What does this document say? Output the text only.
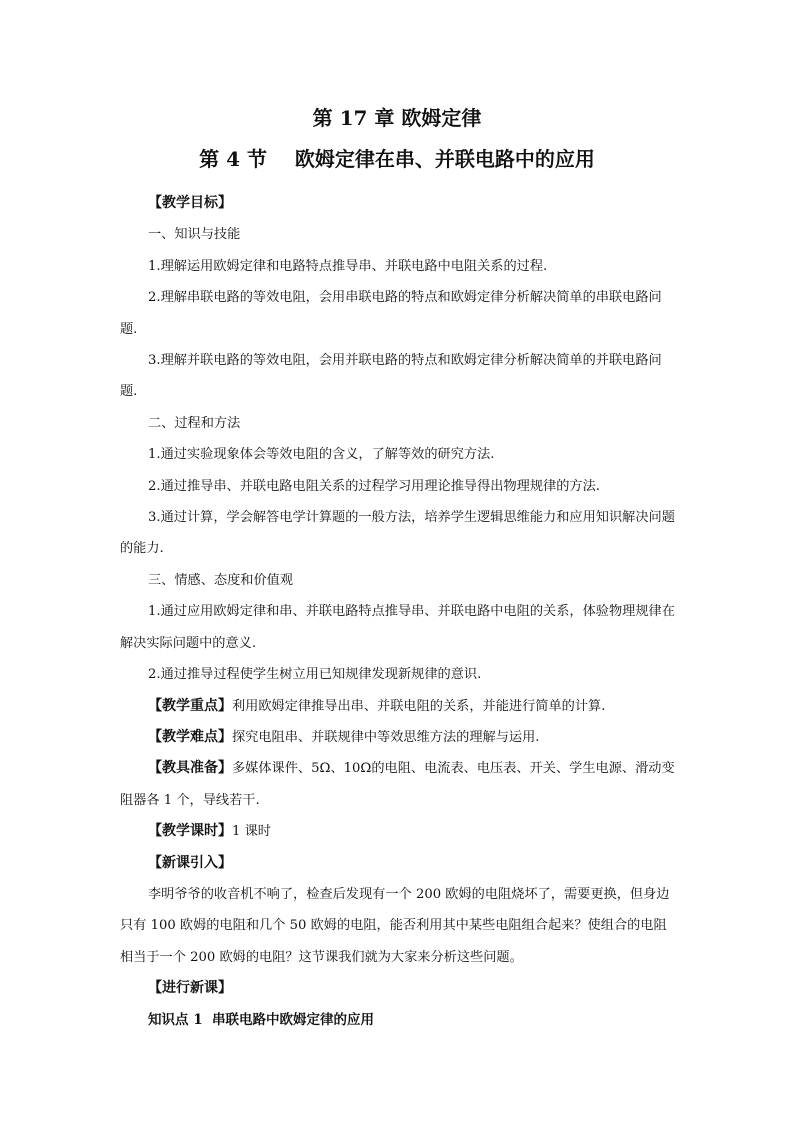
第 17 章 欧姆定律
第 4 节    欧姆定律在串、并联电路中的应用

【教学目标】

一、知识与技能

1.理解运用欧姆定律和电路特点推导串、并联电路中电阻关系的过程.

2.理解串联电路的等效电阻，会用串联电路的特点和欧姆定律分析解决简单的串联电路问题.

3.理解并联电路的等效电阻，会用并联电路的特点和欧姆定律分析解决简单的并联电路问题.

二、过程和方法

1.通过实验现象体会等效电阻的含义，了解等效的研究方法.

2.通过推导串、并联电路电阻关系的过程学习用理论推导得出物理规律的方法.

3.通过计算，学会解答电学计算题的一般方法，培养学生逻辑思维能力和应用知识解决问题的能力.

三、情感、态度和价值观

1.通过应用欧姆定律和串、并联电路特点推导串、并联电路中电阻的关系，体验物理规律在解决实际问题中的意义.

2.通过推导过程使学生树立用已知规律发现新规律的意识.

【教学重点】利用欧姆定律推导出串、并联电阻的关系，并能进行简单的计算.

【教学难点】探究电阻串、并联规律中等效思维方法的理解与运用.

【教具准备】多媒体课件、5Ω、10Ω的电阻、电流表、电压表、开关、学生电源、滑动变阻器各 1 个，导线若干.

【教学课时】1 课时

【新课引入】

李明爷爷的收音机不响了，检查后发现有一个 200 欧姆的电阻烧坏了，需要更换，但身边只有 100 欧姆的电阻和几个 50 欧姆的电阻，能否利用其中某些电阻组合起来？使组合的电阻相当于一个 200 欧姆的电阻？这节课我们就为大家来分析这些问题。

【进行新课】

知识点 1  串联电路中欧姆定律的应用
